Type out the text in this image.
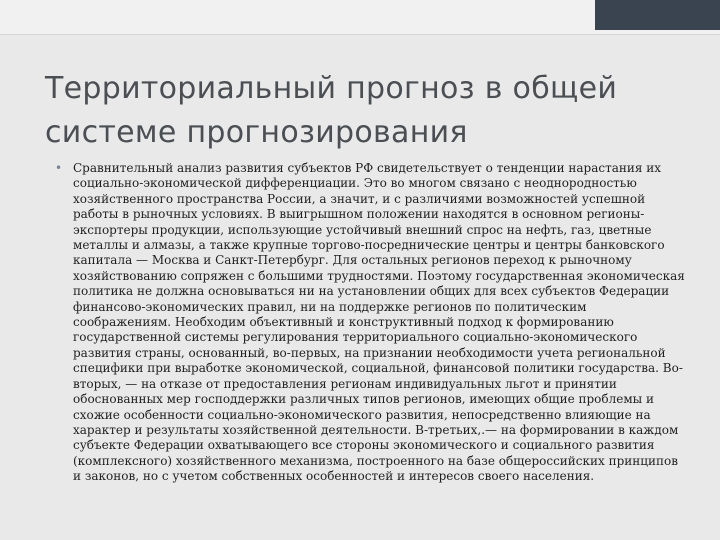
Территориальный прогноз в общей системе прогнозирования
• Сравнительный анализ развития субъектов РФ свидетельствует о тенденции нарастания их социально-экономической дифференциации. Это во многом связано с неоднородностью хозяйственного пространства России, а значит, и с различиями возможностей успешной работы в рыночных условиях. В выигрышном положении находятся в основном регионы-экспортеры продукции, использующие устойчивый внешний спрос на нефть, газ, цветные металлы и алмазы, а также крупные торгово-посреднические центры и центры банковского капитала — Москва и Санкт-Петербург. Для остальных регионов переход к рыночному хозяйствованию сопряжен с большими трудностями. Поэтому государственная экономическая политика не должна основываться ни на установлении общих для всех субъектов Федерации финансово-экономических правил, ни на поддержке регионов по политическим соображениям. Необходим объективный и конструктивный подход к формированию государственной системы регулирования территориального социально-экономического развития страны, основанный, во-первых, на признании необходимости учета региональной специфики при выработке экономической, социальной, финансовой политики государства. Во-вторых, — на отказе от предоставления регионам индивидуальных льгот и принятии обоснованных мер господдержки различных типов регионов, имеющих общие проблемы и схожие особенности социально-экономического развития, непосредственно влияющие на характер и результаты хозяйственной деятельности. В-третьих,.— на формировании в каждом субъекте Федерации охватывающего все стороны экономического и социального развития (комплексного) хозяйственного механизма, построенного на базе общероссийских принципов и законов, но с учетом собственных особенностей и интересов своего населения.
